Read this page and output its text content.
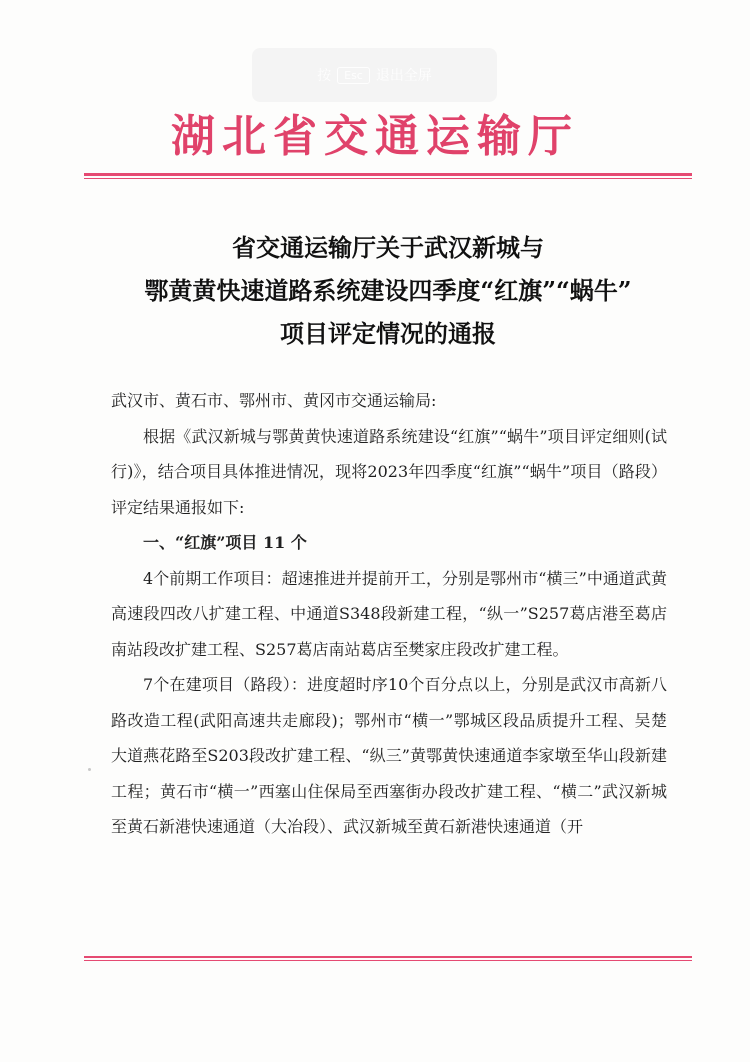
按	Esc 退出全屏
湖北省交通运输厅
省交通运输厅关于武汉新城与
鄂黄黄快速道路系统建设四季度“红旗”“蜗牛”
项目评定情况的通报

武汉市、黄石市、鄂州市、黄冈市交通运输局:

根据《武汉新城与鄂黄黄快速道路系统建设“红旗”“蜗牛”项目评定细则(试行)》，结合项目具体推进情况，现将2023年四季度“红旗”“蜗牛”项目（路段）评定结果通报如下:

一、“红旗”项目 11 个

4个前期工作项目：超速推进并提前开工，分别是鄂州市“横三”中通道武黄高速段四改八扩建工程、中通道S348段新建工程，“纵一”S257葛店港至葛店南站段改扩建工程、S257葛店南站葛店至樊家庄段改扩建工程。

7个在建项目（路段）：进度超时序10个百分点以上，分别是武汉市高新八路改造工程(武阳高速共走廊段)；鄂州市“横一”鄂城区段品质提升工程、吴楚大道燕花路至S203段改扩建工程、“纵三”黄鄂黄快速通道李家墩至华山段新建工程；黄石市“横一”西塞山住保局至西塞街办段改扩建工程、“横二”武汉新城至黄石新港快速通道（大冶段）、武汉新城至黄石新港快速通道（开
